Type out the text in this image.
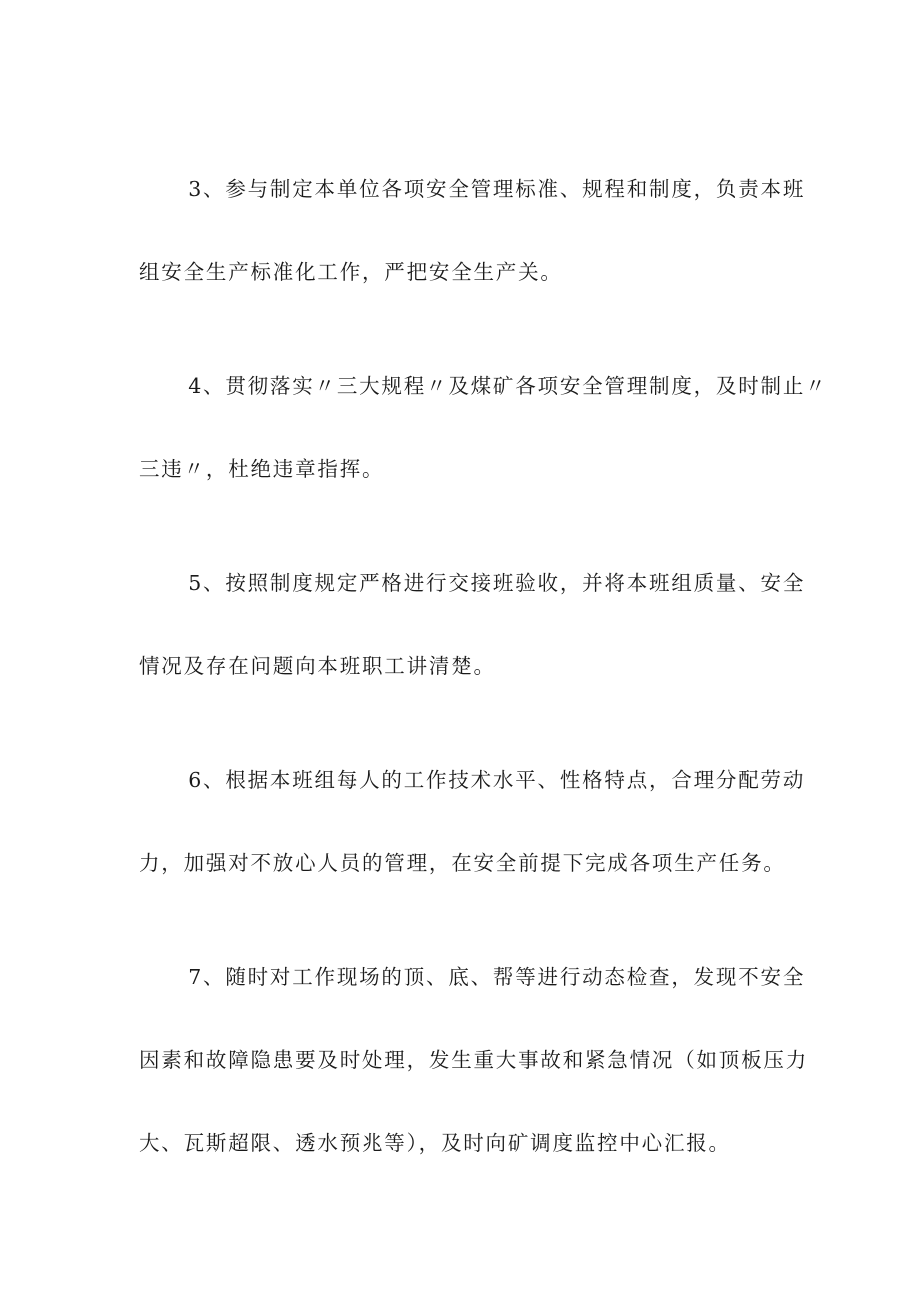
3、参与制定本单位各项安全管理标准、规程和制度，负责本班
组安全生产标准化工作，严把安全生产关。

4、贯彻落实〃三大规程〃及煤矿各项安全管理制度，及时制止〃
三违〃，杜绝违章指挥。

5、按照制度规定严格进行交接班验收，并将本班组质量、安全
情况及存在问题向本班职工讲清楚。

6、根据本班组每人的工作技术水平、性格特点，合理分配劳动
力，加强对不放心人员的管理，在安全前提下完成各项生产任务。

7、随时对工作现场的顶、底、帮等进行动态检查，发现不安全
因素和故障隐患要及时处理，发生重大事故和紧急情况（如顶板压力
大、瓦斯超限、透水预兆等），及时向矿调度监控中心汇报。
